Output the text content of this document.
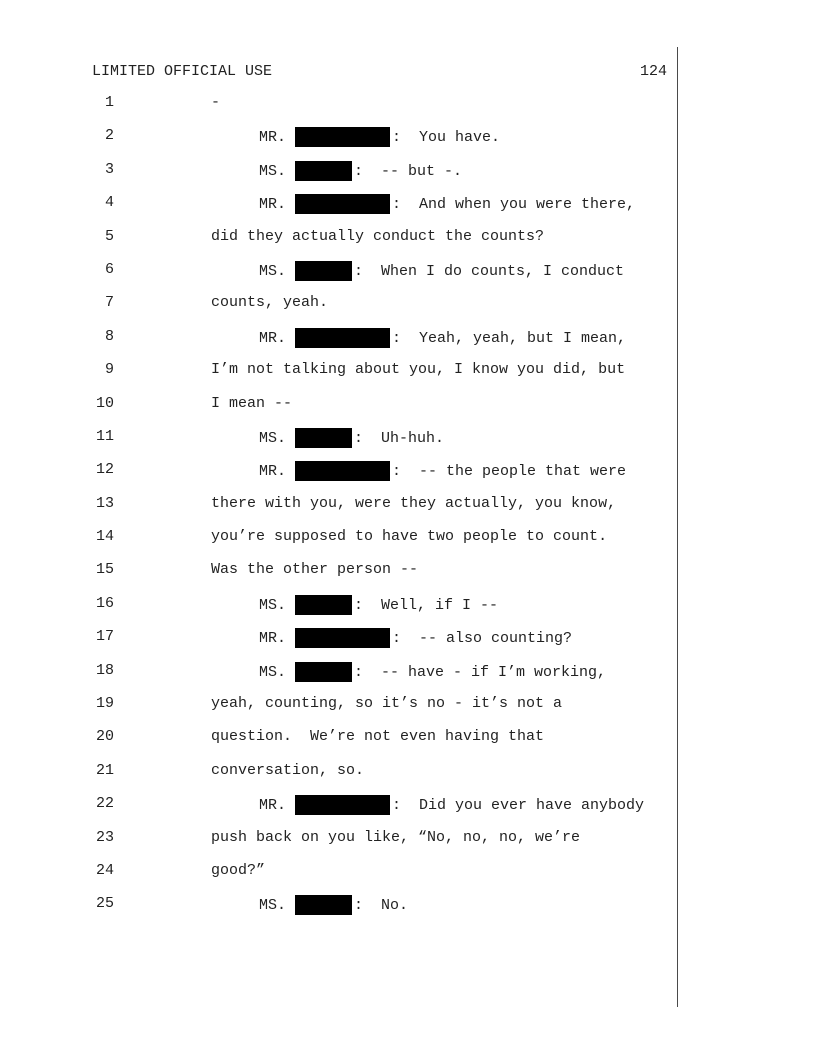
LIMITED OFFICIAL USE	124
1	-
2	MR.	:  You have.
3	MS.	:  -- but -.
4	MR.	:  And when you were there,
5	did they actually conduct the counts?
6	MS.	:  When I do counts, I conduct
7	counts, yeah.
8	MR.	:  Yeah, yeah, but I mean,
9	I’m not talking about you, I know you did, but
10	I mean --
11	MS.	:  Uh-huh.
12	MR.	:  -- the people that were
13	there with you, were they actually, you know,
14	you’re supposed to have two people to count.
15	Was the other person --
16	MS.	:  Well, if I --
17	MR.	:  -- also counting?
18	MS.	:  -- have - if I’m working,
19	yeah, counting, so it’s no - it’s not a
20	question.  We’re not even having that
21	conversation, so.
22	MR.	:  Did you ever have anybody
23	push back on you like, “No, no, no, we’re
24	good?”
25	MS.	:  No.
